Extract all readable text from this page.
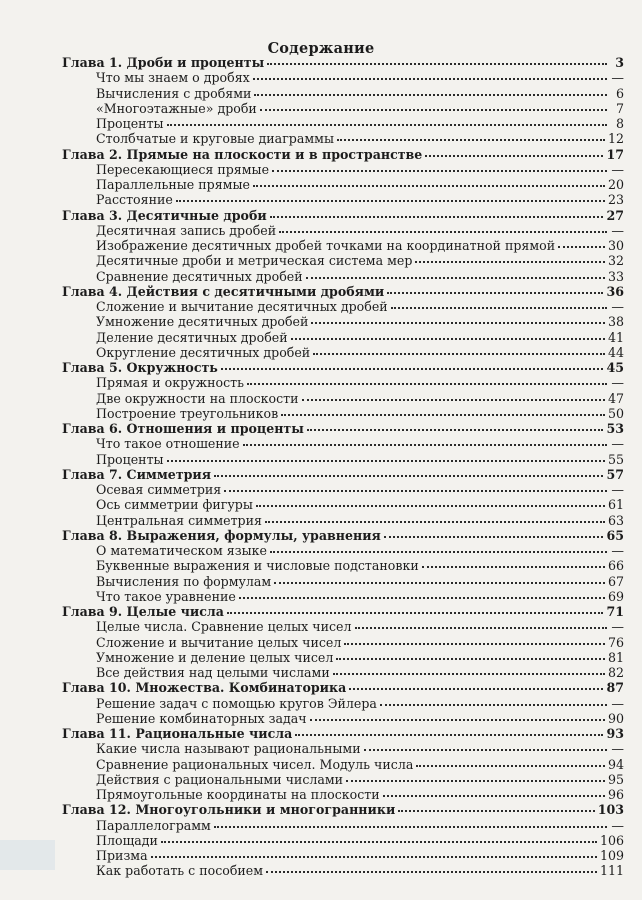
Содержание
Глава 1. Дроби и проценты	3
Что мы знаем о дробях	—
Вычисления с дробями	6
«Многоэтажные» дроби	7
Проценты	8
Столбчатые и круговые диаграммы	12
Глава 2. Прямые на плоскости и в пространстве	17
Пересекающиеся прямые	—
Параллельные прямые	20
Расстояние	23
Глава 3. Десятичные дроби	27
Десятичная запись дробей	—
Изображение десятичных дробей точками на координатной прямой	30
Десятичные дроби и метрическая система мер	32
Сравнение десятичных дробей	33
Глава 4. Действия с десятичными дробями	36
Сложение и вычитание десятичных дробей	—
Умножение десятичных дробей	38
Деление десятичных дробей	41
Округление десятичных дробей	44
Глава 5. Окружность	45
Прямая и окружность	—
Две окружности на плоскости	47
Построение треугольников	50
Глава 6. Отношения и проценты	53
Что такое отношение	—
Проценты	55
Глава 7. Симметрия	57
Осевая симметрия	—
Ось симметрии фигуры	61
Центральная симметрия	63
Глава 8. Выражения, формулы, уравнения	65
О математическом языке	—
Буквенные выражения и числовые подстановки	66
Вычисления по формулам	67
Что такое уравнение	69
Глава 9. Целые числа	71
Целые числа. Сравнение целых чисел	—
Сложение и вычитание целых чисел	76
Умножение и деление целых чисел	81
Все действия над целыми числами	82
Глава 10. Множества. Комбинаторика	87
Решение задач с помощью кругов Эйлера	—
Решение комбинаторных задач	90
Глава 11. Рациональные числа	93
Какие числа называют рациональными	—
Сравнение рациональных чисел. Модуль числа	94
Действия с рациональными числами	95
Прямоугольные координаты на плоскости	96
Глава 12. Многоугольники и многогранники	103
Параллелограмм	—
Площади	106
Призма	109
Как работать с пособием	111
